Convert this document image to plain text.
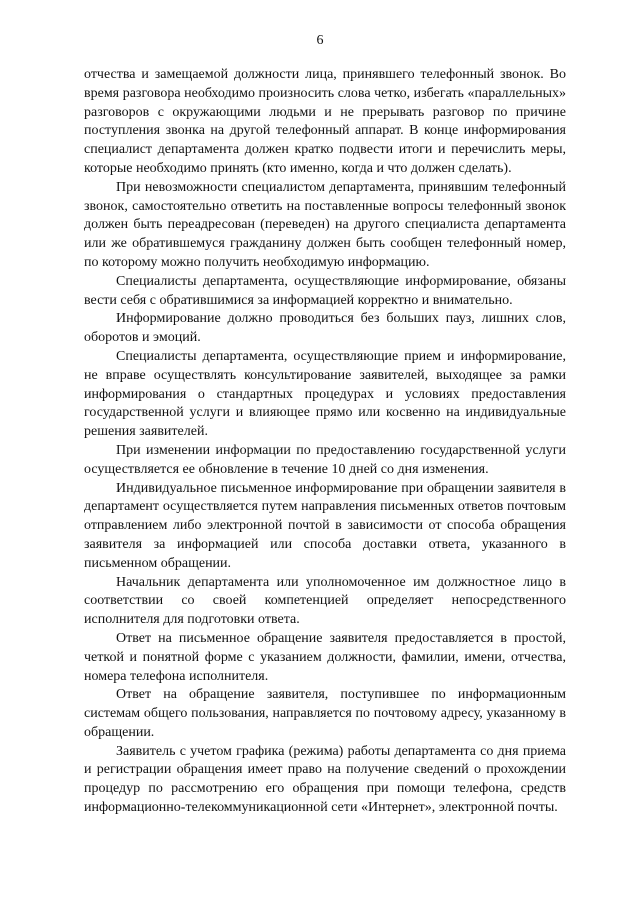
6

отчества и замещаемой должности лица, принявшего телефонный звонок. Во время разговора необходимо произносить слова четко, избегать «параллельных» разговоров с окружающими людьми и не прерывать разговор по причине поступления звонка на другой телефонный аппарат. В конце информирования специалист департамента должен кратко подвести итоги и перечислить меры, которые необходимо принять (кто именно, когда и что должен сделать).

При невозможности специалистом департамента, принявшим телефонный звонок, самостоятельно ответить на поставленные вопросы телефонный звонок должен быть переадресован (переведен) на другого специалиста департамента или же обратившемуся гражданину должен быть сообщен телефонный номер, по которому можно получить необходимую информацию.

Специалисты департамента, осуществляющие информирование, обязаны вести себя с обратившимися за информацией корректно и внимательно.

Информирование должно проводиться без больших пауз, лишних слов, оборотов и эмоций.

Специалисты департамента, осуществляющие прием и информирование, не вправе осуществлять консультирование заявителей, выходящее за рамки информирования о стандартных процедурах и условиях предоставления государственной услуги и влияющее прямо или косвенно на индивидуальные решения заявителей.

При изменении информации по предоставлению государственной услуги осуществляется ее обновление в течение 10 дней со дня изменения.

Индивидуальное письменное информирование при обращении заявителя в департамент осуществляется путем направления письменных ответов почтовым отправлением либо электронной почтой в зависимости от способа обращения заявителя за информацией или способа доставки ответа, указанного в письменном обращении.

Начальник департамента или уполномоченное им должностное лицо в соответствии со своей компетенцией определяет непосредственного исполнителя для подготовки ответа.

Ответ на письменное обращение заявителя предоставляется в простой, четкой и понятной форме с указанием должности, фамилии, имени, отчества, номера телефона исполнителя.

Ответ на обращение заявителя, поступившее по информационным системам общего пользования, направляется по почтовому адресу, указанному в обращении.

Заявитель с учетом графика (режима) работы департамента со дня приема и регистрации обращения имеет право на получение сведений о прохождении процедур по рассмотрению его обращения при помощи телефона, средств информационно-телекоммуникационной сети «Интернет», электронной почты.
